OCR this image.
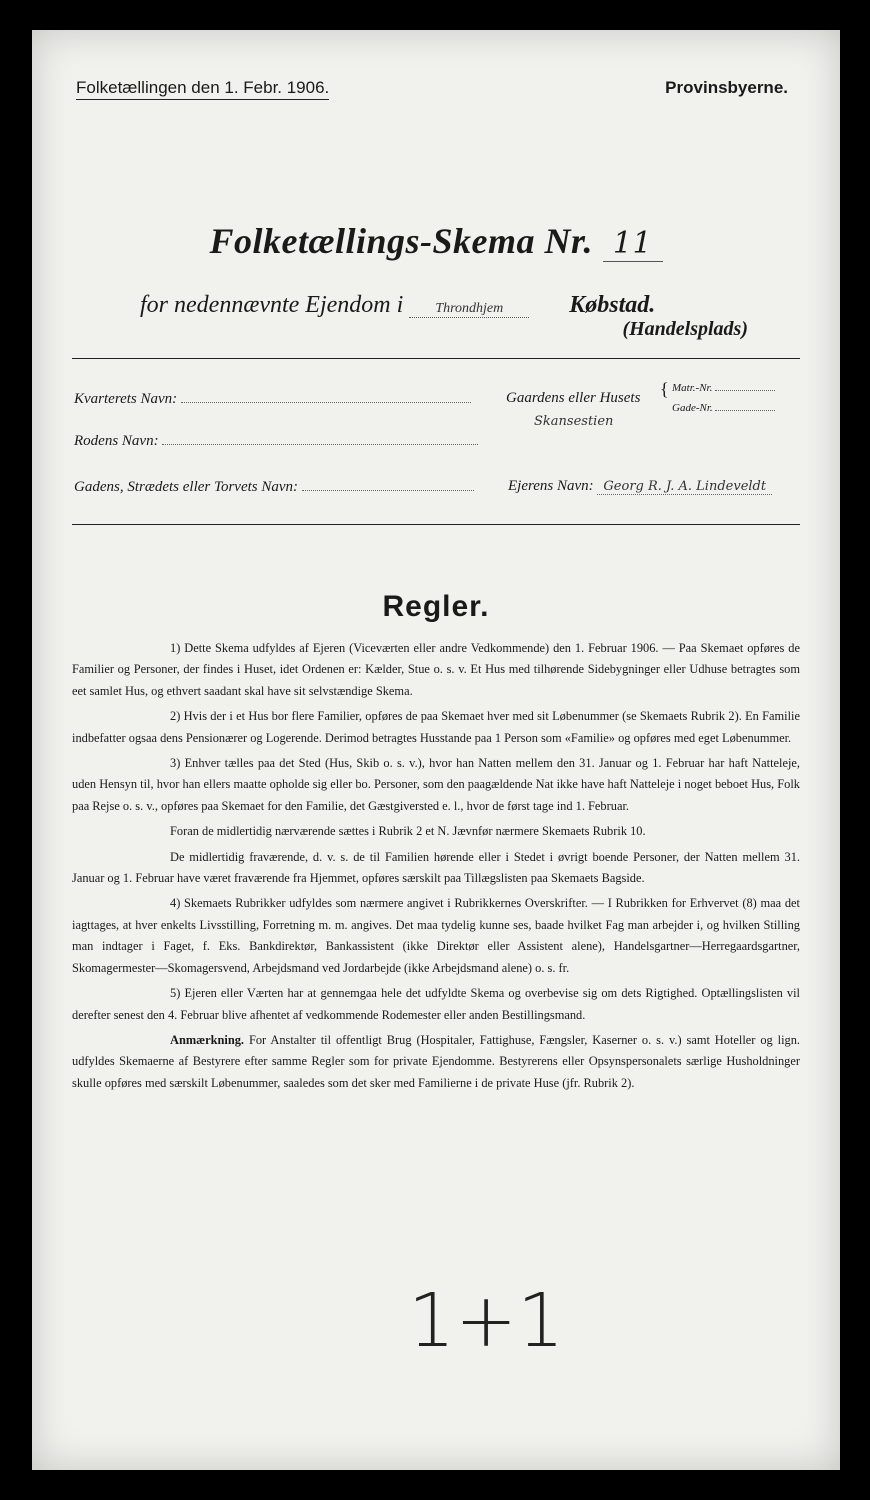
Folketællingen den 1. Febr. 1906.	Provinsbyerne.
Folketællings-Skema Nr. 11
for nedennævnte Ejendom i Throndhjem	Købstad.
(Handelsplads)
Kvarterets Navn:	Gaardens eller Husets { Matr.-Nr.
Gade-Nr.
Skansestien
Rodens Navn:
Gadens, Strædets eller Torvets Navn:	Ejerens Navn: Georg R. J. A. Lindeveldt
Regler.

1) Dette Skema udfyldes af Ejeren (Viceværten eller andre Vedkommende) den 1. Februar 1906. — Paa Skemaet opføres de Familier og Personer, der findes i Huset, idet Ordenen er: Kælder, Stue o. s. v. Et Hus med tilhørende Sidebygninger eller Udhuse betragtes som eet samlet Hus, og ethvert saadant skal have sit selvstændige Skema.

2) Hvis der i et Hus bor flere Familier, opføres de paa Skemaet hver med sit Løbenummer (se Skemaets Rubrik 2). En Familie indbefatter ogsaa dens Pensionærer og Logerende. Derimod betragtes Husstande paa 1 Person som «Familie» og opføres med eget Løbenummer.

3) Enhver tælles paa det Sted (Hus, Skib o. s. v.), hvor han Natten mellem den 31. Januar og 1. Februar har haft Natteleje, uden Hensyn til, hvor han ellers maatte opholde sig eller bo. Personer, som den paagældende Nat ikke have haft Natteleje i noget beboet Hus, Folk paa Rejse o. s. v., opføres paa Skemaet for den Familie, det Gæstgiversted e. l., hvor de først tage ind 1. Februar.

Foran de midlertidig nærværende sættes i Rubrik 2 et N. Jævnfør nærmere Skemaets Rubrik 10.

De midlertidig fraværende, d. v. s. de til Familien hørende eller i Stedet i øvrigt boende Personer, der Natten mellem 31. Januar og 1. Februar have været fraværende fra Hjemmet, opføres særskilt paa Tillægslisten paa Skemaets Bagside.

4) Skemaets Rubrikker udfyldes som nærmere angivet i Rubrikkernes Overskrifter. — I Rubrikken for Erhvervet (8) maa det iagttages, at hver enkelts Livsstilling, Forretning m. m. angives. Det maa tydelig kunne ses, baade hvilket Fag man arbejder i, og hvilken Stilling man indtager i Faget, f. Eks. Bankdirektør, Bankassistent (ikke Direktør eller Assistent alene), Handelsgartner—Herregaardsgartner, Skomagermester—Skomagersvend, Arbejdsmand ved Jordarbejde (ikke Arbejdsmand alene) o. s. fr.

5) Ejeren eller Værten har at gennemgaa hele det udfyldte Skema og overbevise sig om dets Rigtighed. Optællingslisten vil derefter senest den 4. Februar blive afhentet af vedkommende Rodemester eller anden Bestillingsmand.

Anmærkning. For Anstalter til offentligt Brug (Hospitaler, Fattighuse, Fængsler, Kaserner o. s. v.) samt Hoteller og lign. udfyldes Skemaerne af Bestyrere efter samme Regler som for private Ejendomme. Bestyrerens eller Opsynspersonalets særlige Husholdninger skulle opføres med særskilt Løbenummer, saaledes som det sker med Familierne i de private Huse (jfr. Rubrik 2).

1+1
